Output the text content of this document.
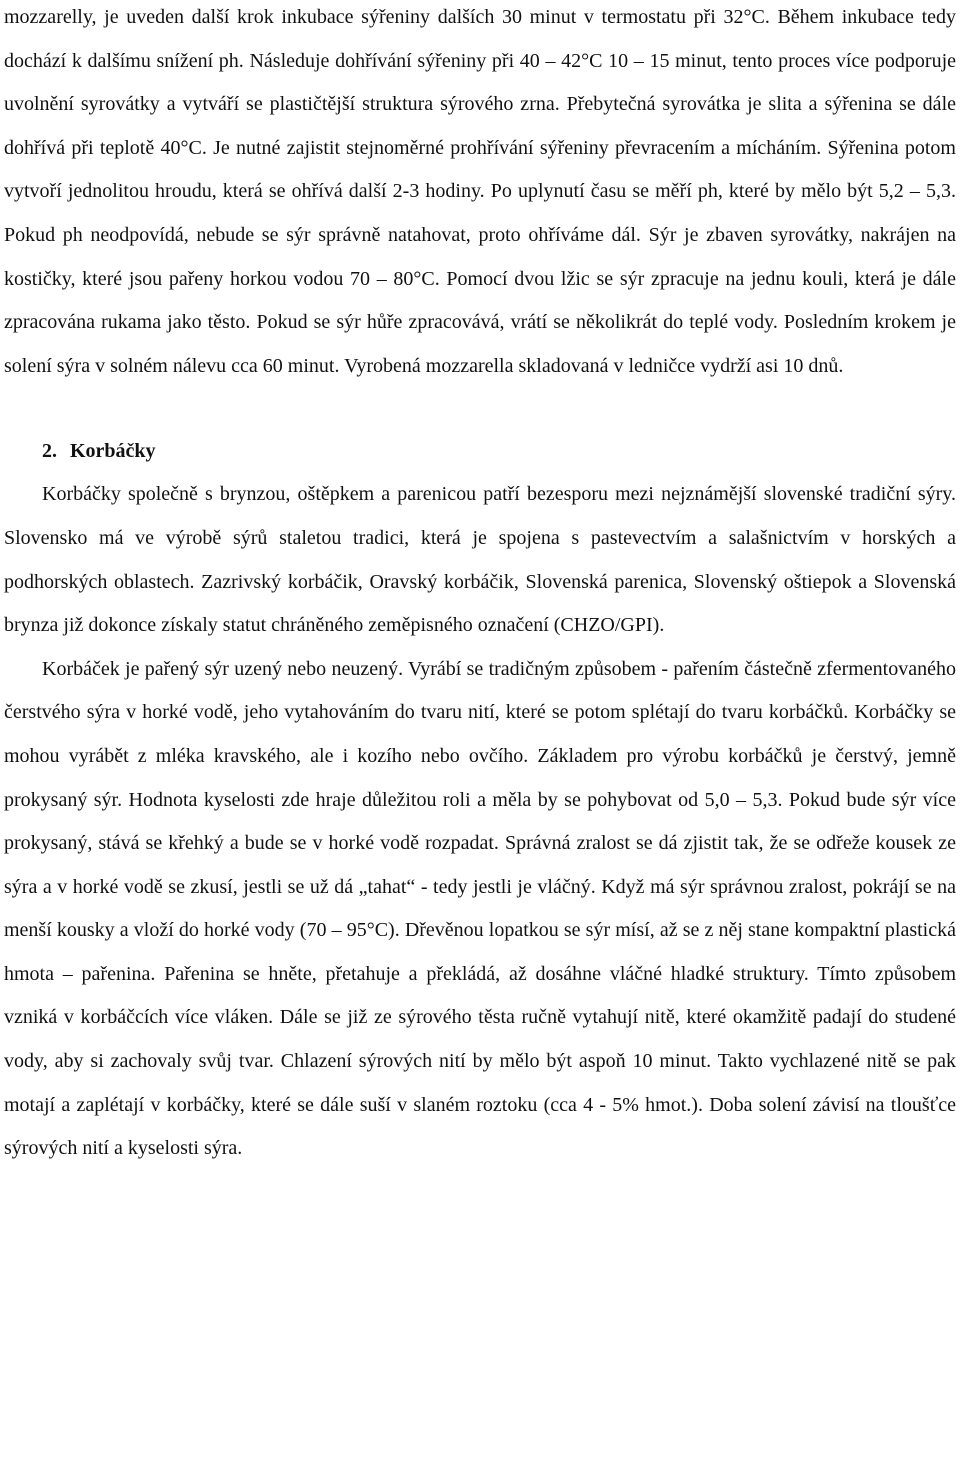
mozzarelly, je uveden další krok inkubace sýřeniny dalších 30 minut v termostatu při 32°C. Během inkubace tedy dochází k dalšímu snížení ph. Následuje dohřívání sýřeniny při 40 – 42°C 10 – 15 minut, tento proces více podporuje uvolnění syrovátky a vytváří se plastičtější struktura sýrového zrna. Přebytečná syrovátka je slita a sýřenina se dále dohřívá při teplotě 40°C. Je nutné zajistit stejnoměrné prohřívání sýřeniny převracením a mícháním. Sýřenina potom vytvoří jednolitou hroudu, která se ohřívá další 2-3 hodiny. Po uplynutí času se měří ph, které by mělo být 5,2 – 5,3. Pokud ph neodpovídá, nebude se sýr správně natahovat, proto ohříváme dál. Sýr je zbaven syrovátky, nakrájen na kostičky, které jsou pařeny horkou vodou 70 – 80°C. Pomocí dvou lžic se sýr zpracuje na jednu kouli, která je dále zpracována rukama jako těsto. Pokud se sýr hůře zpracovává, vrátí se několikrát do teplé vody. Posledním krokem je solení sýra v solném nálevu cca 60 minut. Vyrobená mozzarella skladovaná v ledničce vydrží asi 10 dnů.

2. Korbáčky

Korbáčky společně s brynzou, oštěpkem a parenicou patří bezesporu mezi nejznámější slovenské tradiční sýry. Slovensko má ve výrobě sýrů staletou tradici, která je spojena s pastevectvím a salašnictvím v horských a podhorských oblastech. Zazrivský korbáčik, Oravský korbáčik, Slovenská parenica, Slovenský oštiepok a Slovenská brynza již dokonce získaly statut chráněného zeměpisného označení (CHZO/GPI).

Korbáček je pařený sýr uzený nebo neuzený. Vyrábí se tradičným způsobem - pařením částečně zfermentovaného čerstvého sýra v horké vodě, jeho vytahováním do tvaru nití, které se potom splétají do tvaru korbáčků. Korbáčky se mohou vyrábět z mléka kravského, ale i kozího nebo ovčího. Základem pro výrobu korbáčků je čerstvý, jemně prokysaný sýr. Hodnota kyselosti zde hraje důležitou roli a měla by se pohybovat od 5,0 – 5,3. Pokud bude sýr více prokysaný, stává se křehký a bude se v horké vodě rozpadat. Správná zralost se dá zjistit tak, že se odřeže kousek ze sýra a v horké vodě se zkusí, jestli se už dá „tahat“ - tedy jestli je vláčný. Když má sýr správnou zralost, pokrájí se na menší kousky a vloží do horké vody (70 – 95°C). Dřevěnou lopatkou se sýr mísí, až se z něj stane kompaktní plastická hmota – pařenina. Pařenina se hněte, přetahuje a překládá, až dosáhne vláčné hladké struktury. Tímto způsobem vzniká v korbáčcích více vláken. Dále se již ze sýrového těsta ručně vytahují nitě, které okamžitě padají do studené vody, aby si zachovaly svůj tvar. Chlazení sýrových nití by mělo být aspoň 10 minut. Takto vychlazené nitě se pak motají a zaplétají v korbáčky, které se dále suší v slaném roztoku (cca 4 - 5% hmot.). Doba solení závisí na tloušťce sýrových nití a kyselosti sýra.
